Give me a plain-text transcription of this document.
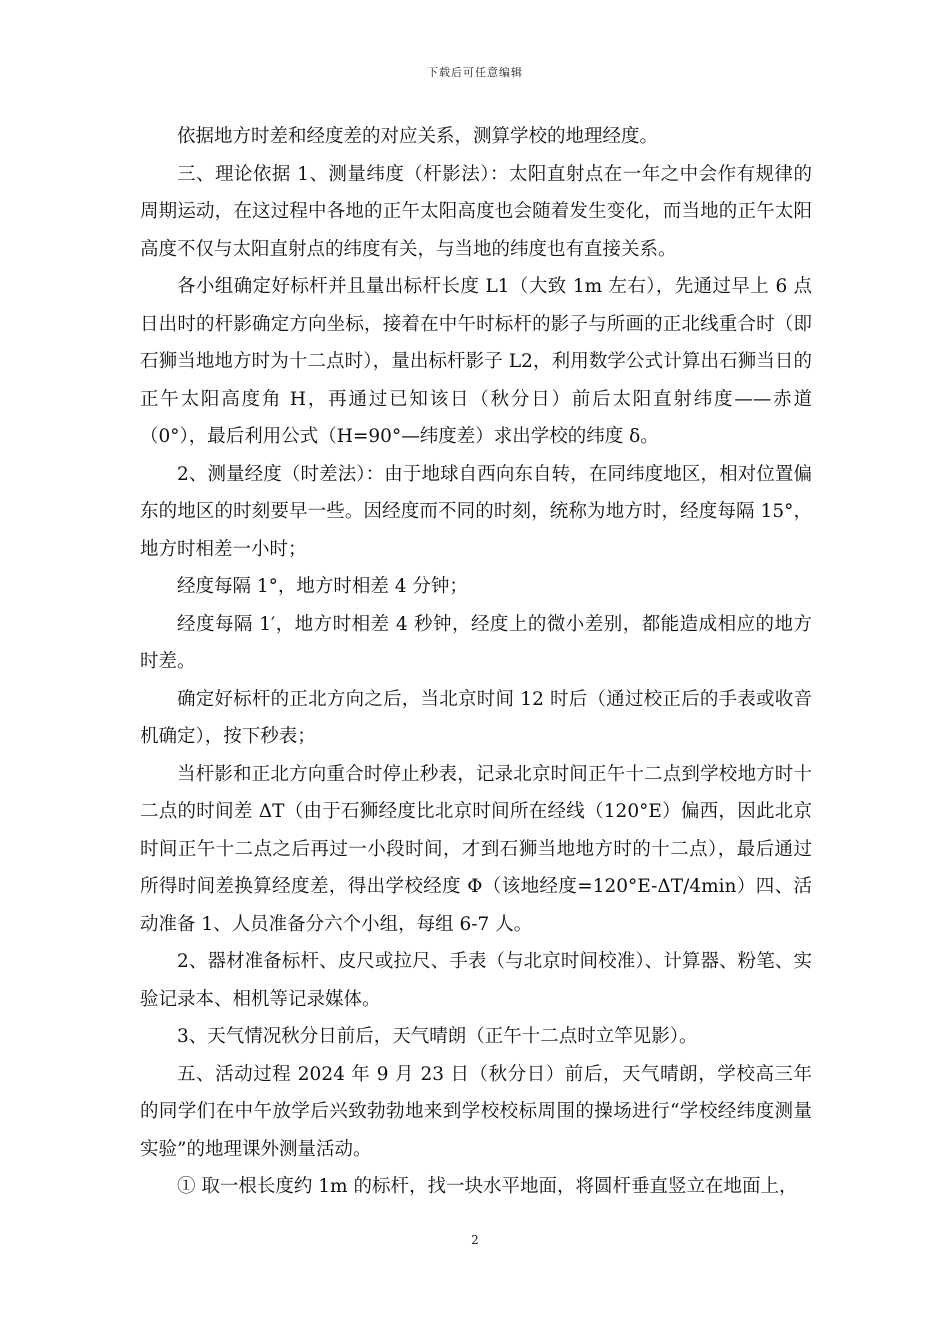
下载后可任意编辑

依据地方时差和经度差的对应关系，测算学校的地理经度。

三、理论依据 1、测量纬度（杆影法）：太阳直射点在一年之中会作有规律的周期运动，在这过程中各地的正午太阳高度也会随着发生变化，而当地的正午太阳高度不仅与太阳直射点的纬度有关，与当地的纬度也有直接关系。

各小组确定好标杆并且量出标杆长度 L1（大致 1m 左右），先通过早上 6 点日出时的杆影确定方向坐标，接着在中午时标杆的影子与所画的正北线重合时（即石狮当地地方时为十二点时），量出标杆影子 L2，利用数学公式计算出石狮当日的正午太阳高度角 H，再通过已知该日（秋分日）前后太阳直射纬度——赤道（0°），最后利用公式（H=90°—纬度差）求出学校的纬度 δ。

2、测量经度（时差法）：由于地球自西向东自转，在同纬度地区，相对位置偏东的地区的时刻要早一些。因经度而不同的时刻，统称为地方时，经度每隔 15°，地方时相差一小时；

经度每隔 1°，地方时相差 4 分钟；

经度每隔 1′，地方时相差 4 秒钟，经度上的微小差别，都能造成相应的地方时差。

确定好标杆的正北方向之后，当北京时间 12 时后（通过校正后的手表或收音机确定），按下秒表；

当杆影和正北方向重合时停止秒表，记录北京时间正午十二点到学校地方时十二点的时间差 ΔT（由于石狮经度比北京时间所在经线（120°E）偏西，因此北京时间正午十二点之后再过一小段时间，才到石狮当地地方时的十二点），最后通过所得时间差换算经度差，得出学校经度 Φ（该地经度=120°E-ΔT/4min）四、活动准备 1、人员准备分六个小组，每组 6-7 人。

2、器材准备标杆、皮尺或拉尺、手表（与北京时间校准）、计算器、粉笔、实验记录本、相机等记录媒体。

3、天气情况秋分日前后，天气晴朗（正午十二点时立竿见影）。

五、活动过程 2024 年 9 月 23 日（秋分日）前后，天气晴朗，学校高三年的同学们在中午放学后兴致勃勃地来到学校校标周围的操场进行“学校经纬度测量实验”的地理课外测量活动。

① 取一根长度约 1m 的标杆，找一块水平地面，将圆杆垂直竖立在地面上，

2
